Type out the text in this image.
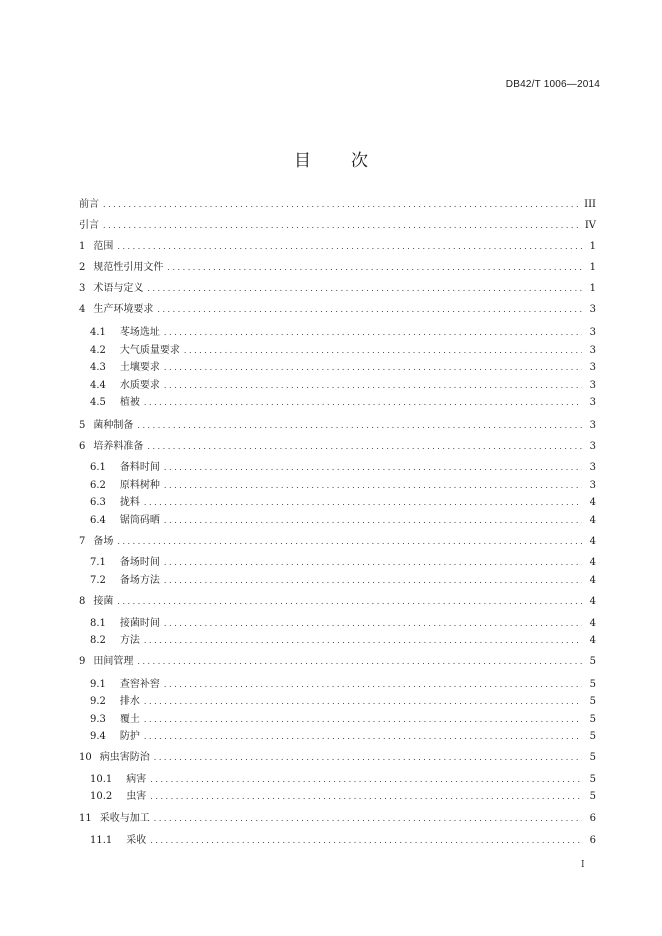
DB42/T 1006—2014
目 次
前言 . . .	III
引言 . . .	IV
1 范围 . . .	1
2 规范性引用文件 . . .	1
3 术语与定义 . . .	1
4 生产环境要求 . . .	3
4.1 苳场选址 . . .	3
4.2 大气质量要求 . . .	3
4.3 土壤要求 . . .	3
4.4 水质要求 . . .	3
4.5 植被 . . .	3
5 菌种制备 . . .	3
6 培养料准备 . . .	3
6.1 备料时间 . . .	3
6.2 原料树种 . . .	3
6.3 拢料 . . .	4
6.4 锯筒码晒 . . .	4
7 备场 . . .	4
7.1 备场时间 . . .	4
7.2 备场方法 . . .	4
8 接菌 . . .	4
8.1 接菌时间 . . .	4
8.2 方法 . . .	4
9 田间管理 . . .	5
9.1 查窖补窖 . . .	5
9.2 排水 . . .	5
9.3 覆土 . . .	5
9.4 防护 . . .	5
10 病虫害防治 . . .	5
10.1 病害 . . .	5
10.2 虫害 . . .	5
11 采收与加工 . . .	6
11.1 采收 . . .	6
I
